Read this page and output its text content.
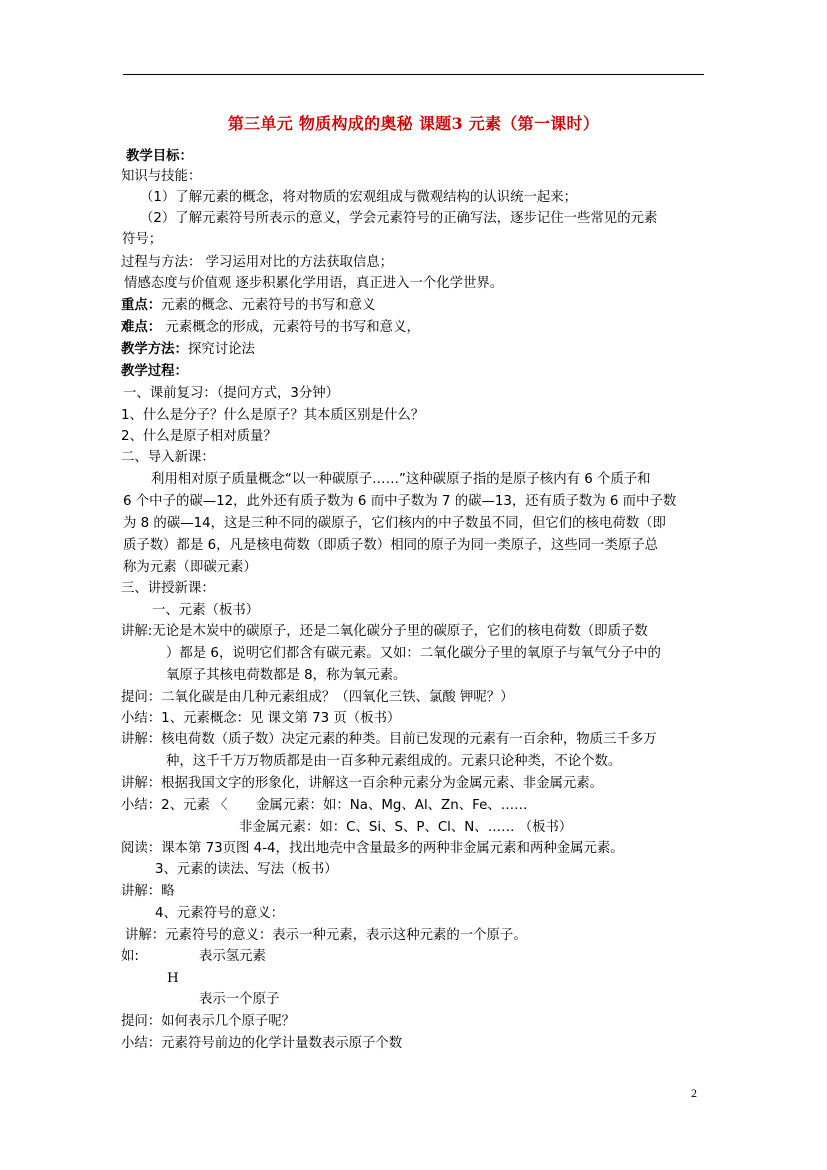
第三单元 物质构成的奥秘 课题3 元素（第一课时）
教学目标：
知识与技能：
（1）了解元素的概念，将对物质的宏观组成与微观结构的认识统一起来；
（2）了解元素符号所表示的意义，学会元素符号的正确写法，逐步记住一些常见的元素
符号；
过程与方法： 学习运用对比的方法获取信息；
情感态度与价值观 逐步积累化学用语，真正进入一个化学世界。
重点：元素的概念、元素符号的书写和意义
难点： 元素概念的形成，元素符号的书写和意义，
教学方法：探究讨论法
教学过程：
一、课前复习：（提问方式，3分钟）
1、什么是分子？什么是原子？其本质区别是什么？
2、什么是原子相对质量？
二、导入新课：
利用相对原子质量概念“以一种碳原子……”这种碳原子指的是原子核内有 6 个质子和
6 个中子的碳—12，此外还有质子数为 6 而中子数为 7 的碳—13，还有质子数为 6 而中子数
为 8 的碳—14，这是三种不同的碳原子，它们核内的中子数虽不同，但它们的核电荷数（即
质子数）都是 6，凡是核电荷数（即质子数）相同的原子为同一类原子，这些同一类原子总
称为元素（即碳元素）
三、讲授新课：
一、元素（板书）
讲解:无论是木炭中的碳原子，还是二氧化碳分子里的碳原子，它们的核电荷数（即质子数
）都是 6，说明它们都含有碳元素。又如：二氧化碳分子里的氧原子与氧气分子中的
氧原子其核电荷数都是 8，称为氧元素。
提问：二氧化碳是由几种元素组成？（四氧化三铁、氯酸 钾呢？）
小结：1、元素概念：见 课文第 73 页（板书）
讲解：核电荷数（质子数）决定元素的种类。目前已发现的元素有一百余种，物质三千多万
种，这千千万万物质都是由一百多种元素组成的。元素只论种类，不论个数。
讲解：根据我国文字的形象化，讲解这一百余种元素分为金属元素、非金属元素。
小结：2、元素 〈 金属元素：如：Na、Mg、Al、Zn、Fe、……
非金属元素：如：C、Si、S、P、Cl、N、…… （板书）
阅读：课本第 73页图 4-4，找出地壳中含量最多的两种非金属元素和两种金属元素。
3、元素的读法、写法（板书）
讲解：略
4、元素符号的意义：
讲解：元素符号的意义：表示一种元素，表示这种元素的一个原子。
如:	表示氢元素
H
表示一个原子
提问：如何表示几个原子呢？
小结：元素符号前边的化学计量数表示原子个数
2
